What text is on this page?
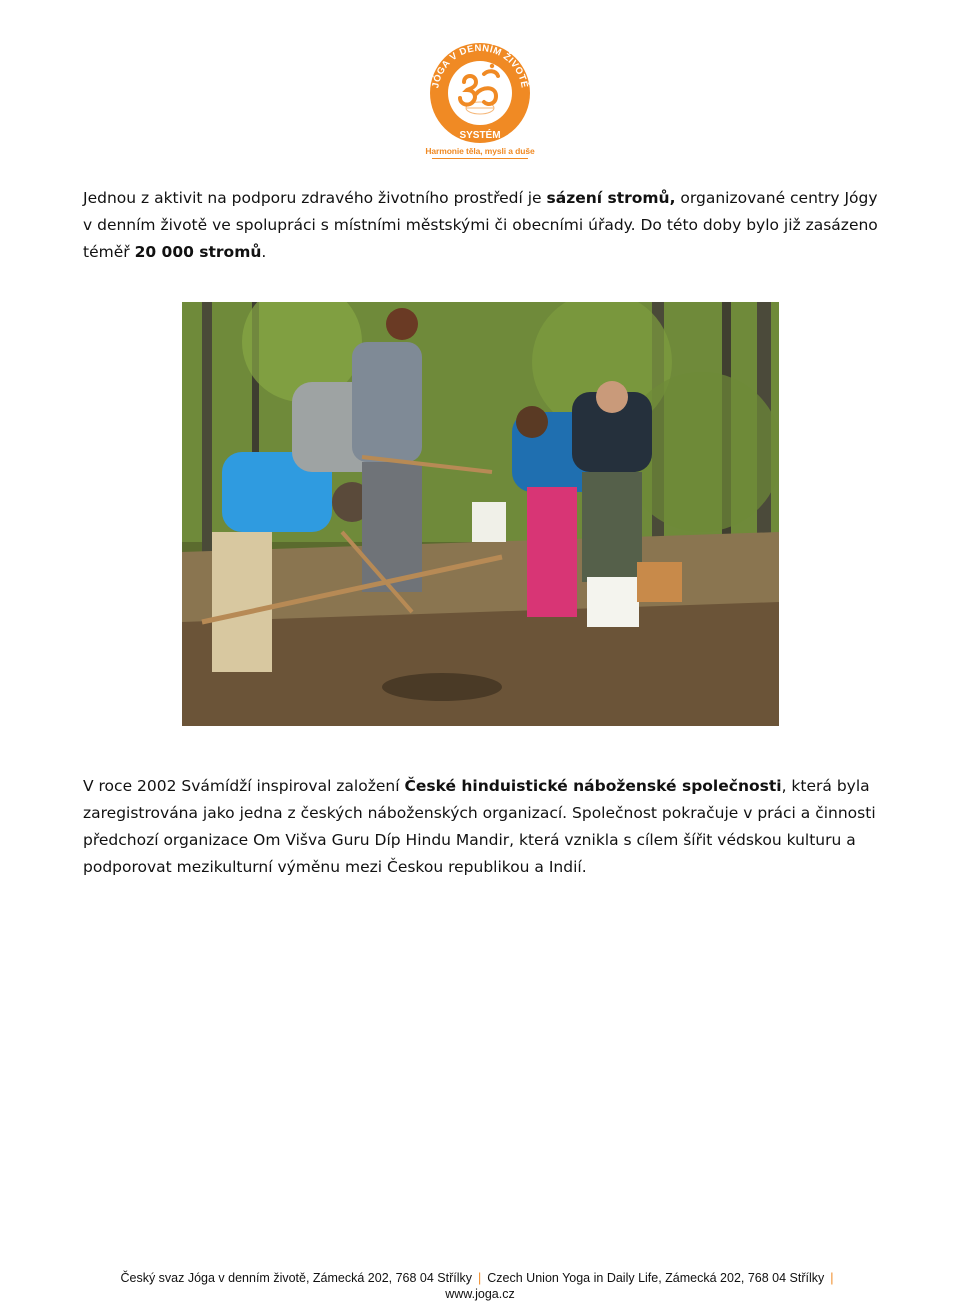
JÓGA V DENNÍM ŽIVOTĚ
SYSTÉM
Harmonie těla, mysli a duše
Jednou z aktivit na podporu zdravého životního prostředí je sázení stromů, organizované centry Jógy v denním životě ve spolupráci s místními městskými či obecními úřady. Do této doby bylo již zasázeno téměř 20 000 stromů.
V roce 2002 Svámídží inspiroval založení České hinduistické náboženské společnosti, která byla zaregistrována jako jedna z českých náboženských organizací. Společnost pokračuje v práci a činnosti předchozí organizace Om Višva Guru Díp Hindu Mandir, která vznikla s cílem šířit védskou kulturu a podporovat mezikulturní výměnu mezi Českou republikou a Indií.
Český svaz Jóga v denním životě, Zámecká 202, 768 04 Střílky | Czech Union Yoga in Daily Life, Zámecká 202, 768 04 Střílky |
www.joga.cz
